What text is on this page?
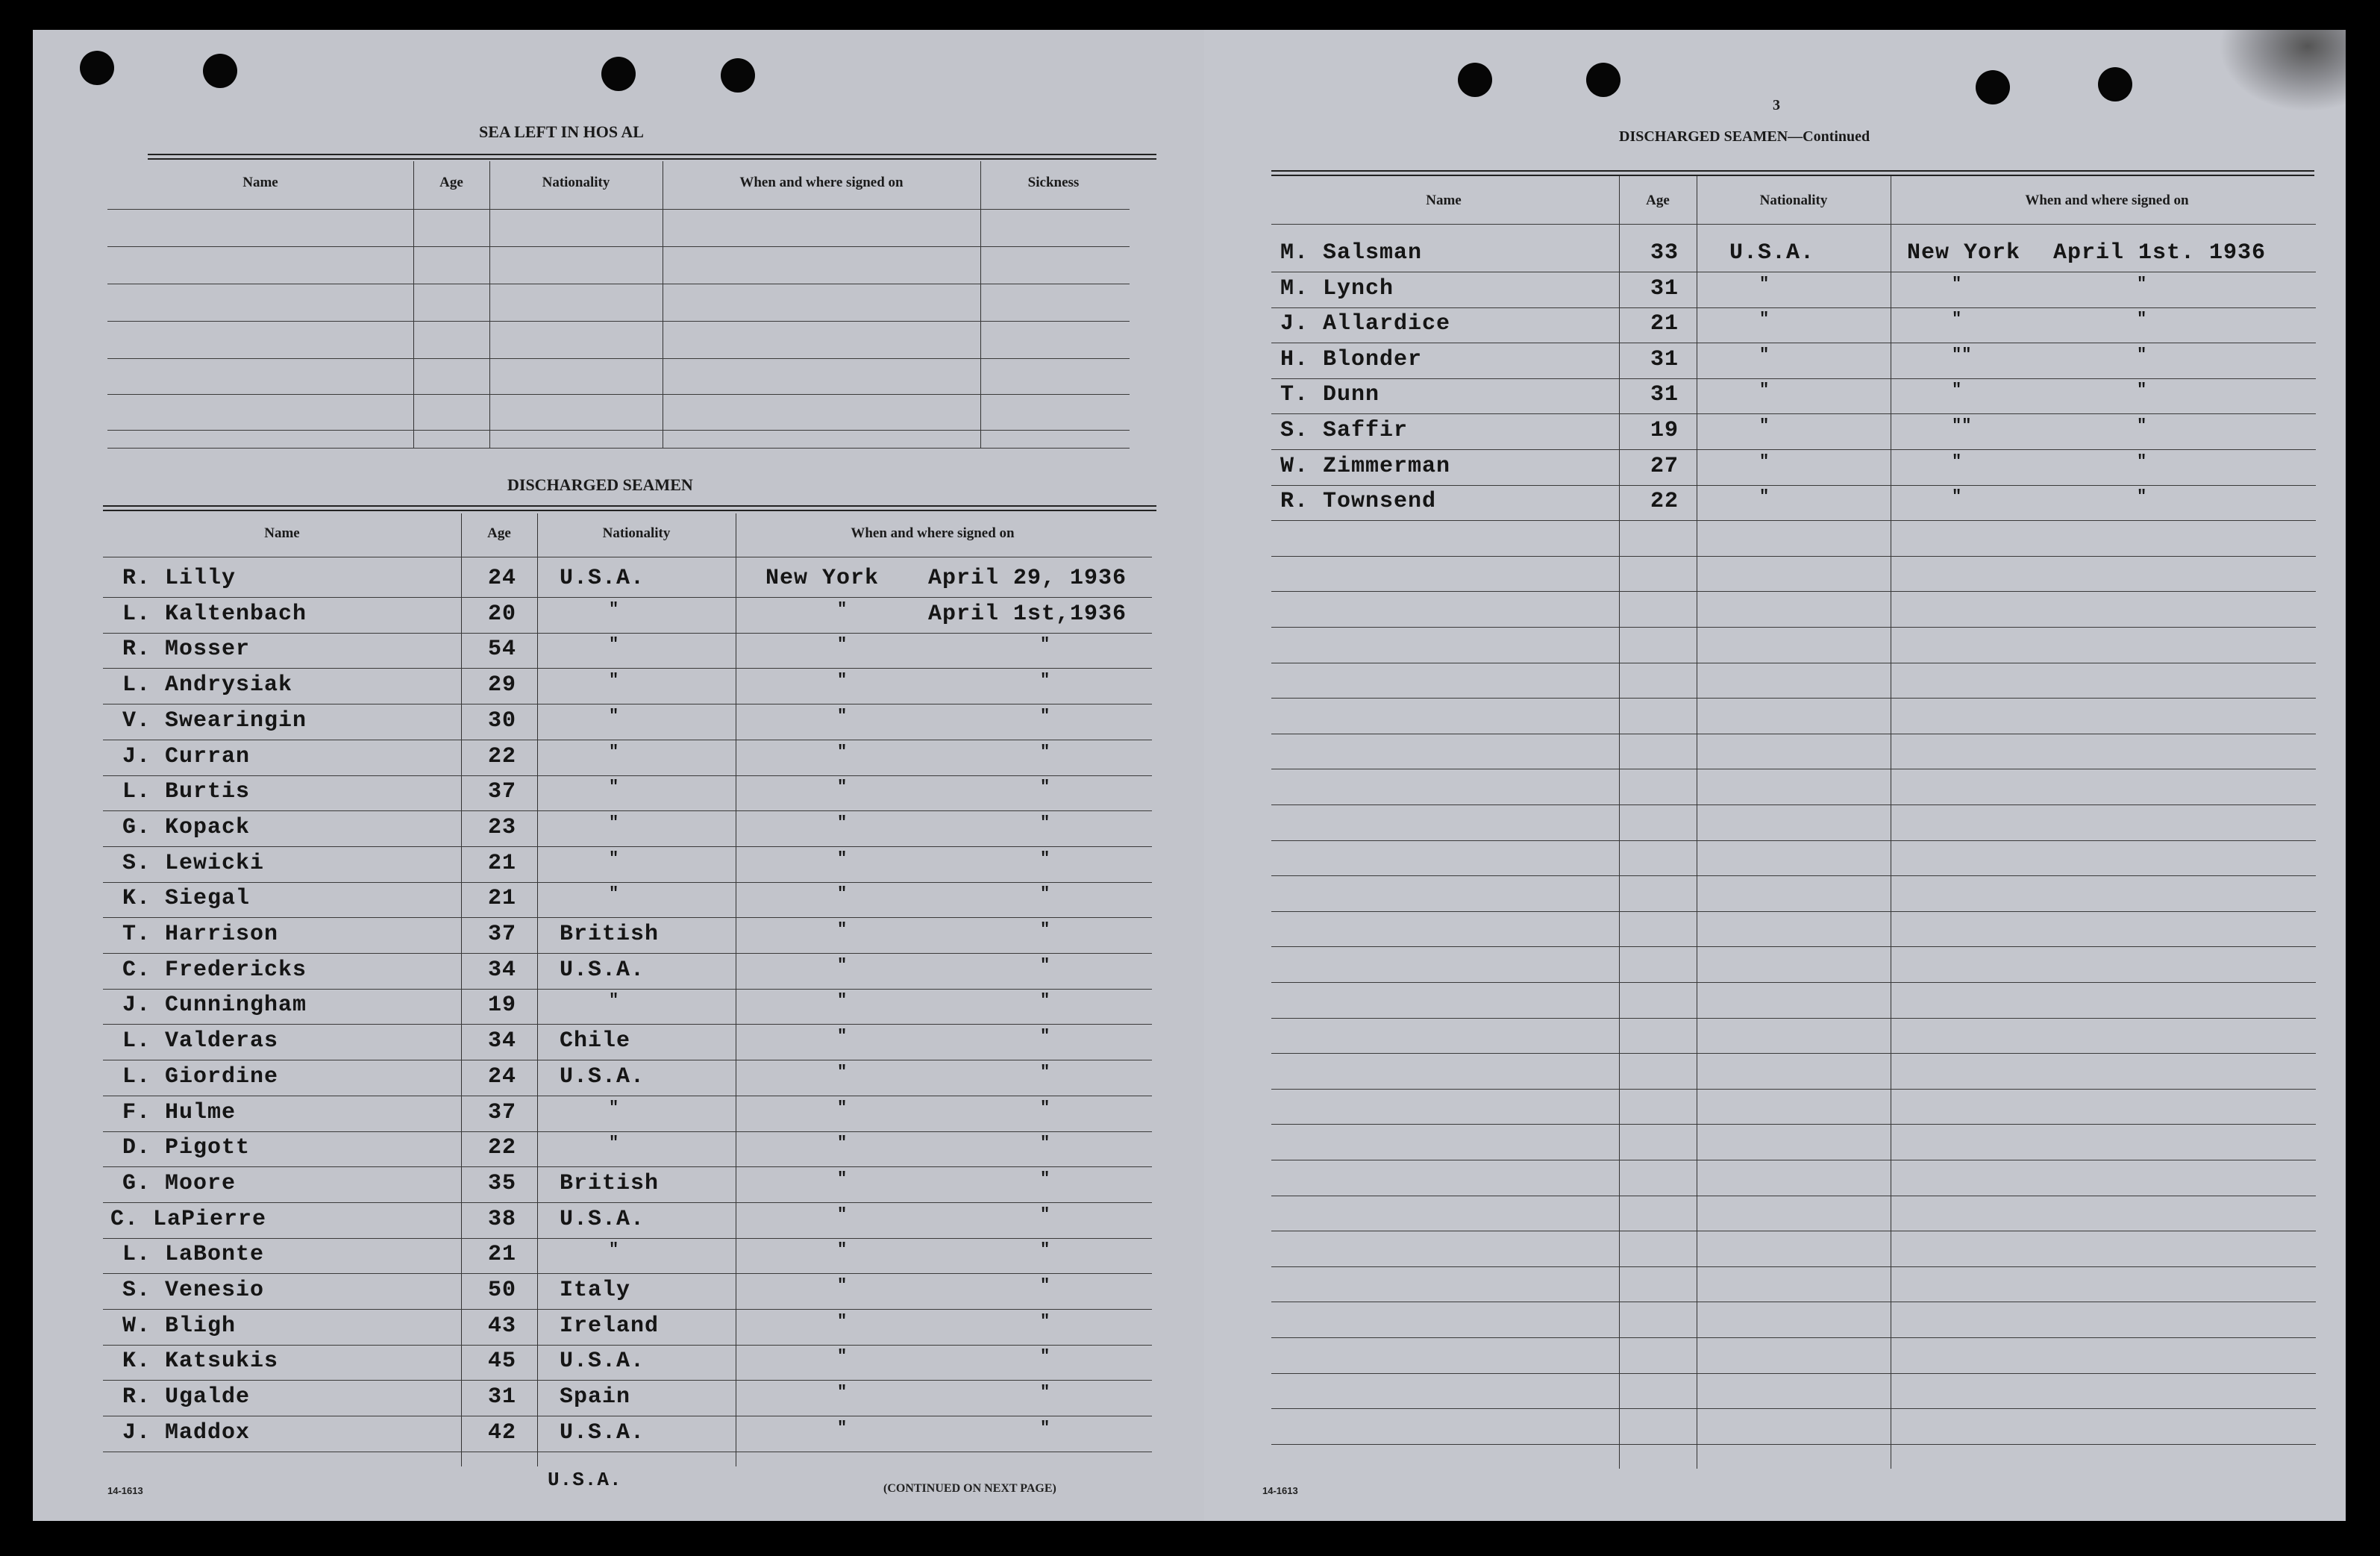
SEA LEFT IN HOS AL
Name	Age	Nationality	When and where signed on	Sickness
DISCHARGED SEAMEN
Name	Age	Nationality	When and where signed on
R. Lilly	24 U.S.A.	New York April 29, 1936
L. Kaltenbach	20	"	"	April 1st,1936
R. Mosser	54	"	"	"
L. Andrysiak	29	"	"	"
V. Swearingin	30	"	"	"
J. Curran	22	"	"	"
L. Burtis	37	"	"	"
G. Kopack	23	"	"	"
S. Lewicki	21	"	"	"
K. Siegal	21	"	"	"
T. Harrison	37 British	"	"
C. Fredericks	34 U.S.A.	"	"
J. Cunningham	19	"	"	"
L. Valderas	34 Chile	"	"
L. Giordine	24 U.S.A.	"	"
F. Hulme	37	"	"	"
D. Pigott	22	"	"	"
G. Moore	35 British	"	"
C. LaPierre	38 U.S.A.	"	"
L. LaBonte	21	"	"	"
S. Venesio	50 Italy	"	"
W. Bligh	43 Ireland	"	"
K. Katsukis	45 U.S.A.	"	"
R. Ugalde	31 Spain	"	"
J. Maddox	42 U.S.A.	"	"
U.S.A.
14-1613	(CONTINUED ON NEXT PAGE)
3
DISCHARGED SEAMEN—Continued
Name	Age	Nationality	When and where signed on
M. Salsman	33 U.S.A.	New York April 1st. 1936
M. Lynch	31	"	"	"
J. Allardice	21	"	"	"
H. Blonder	31	"	""	"
T. Dunn	31	"	"	"
S. Saffir	19	"	""	"
W. Zimmerman	27	"	"	"
R. Townsend	22	"	"	"
14-1613
